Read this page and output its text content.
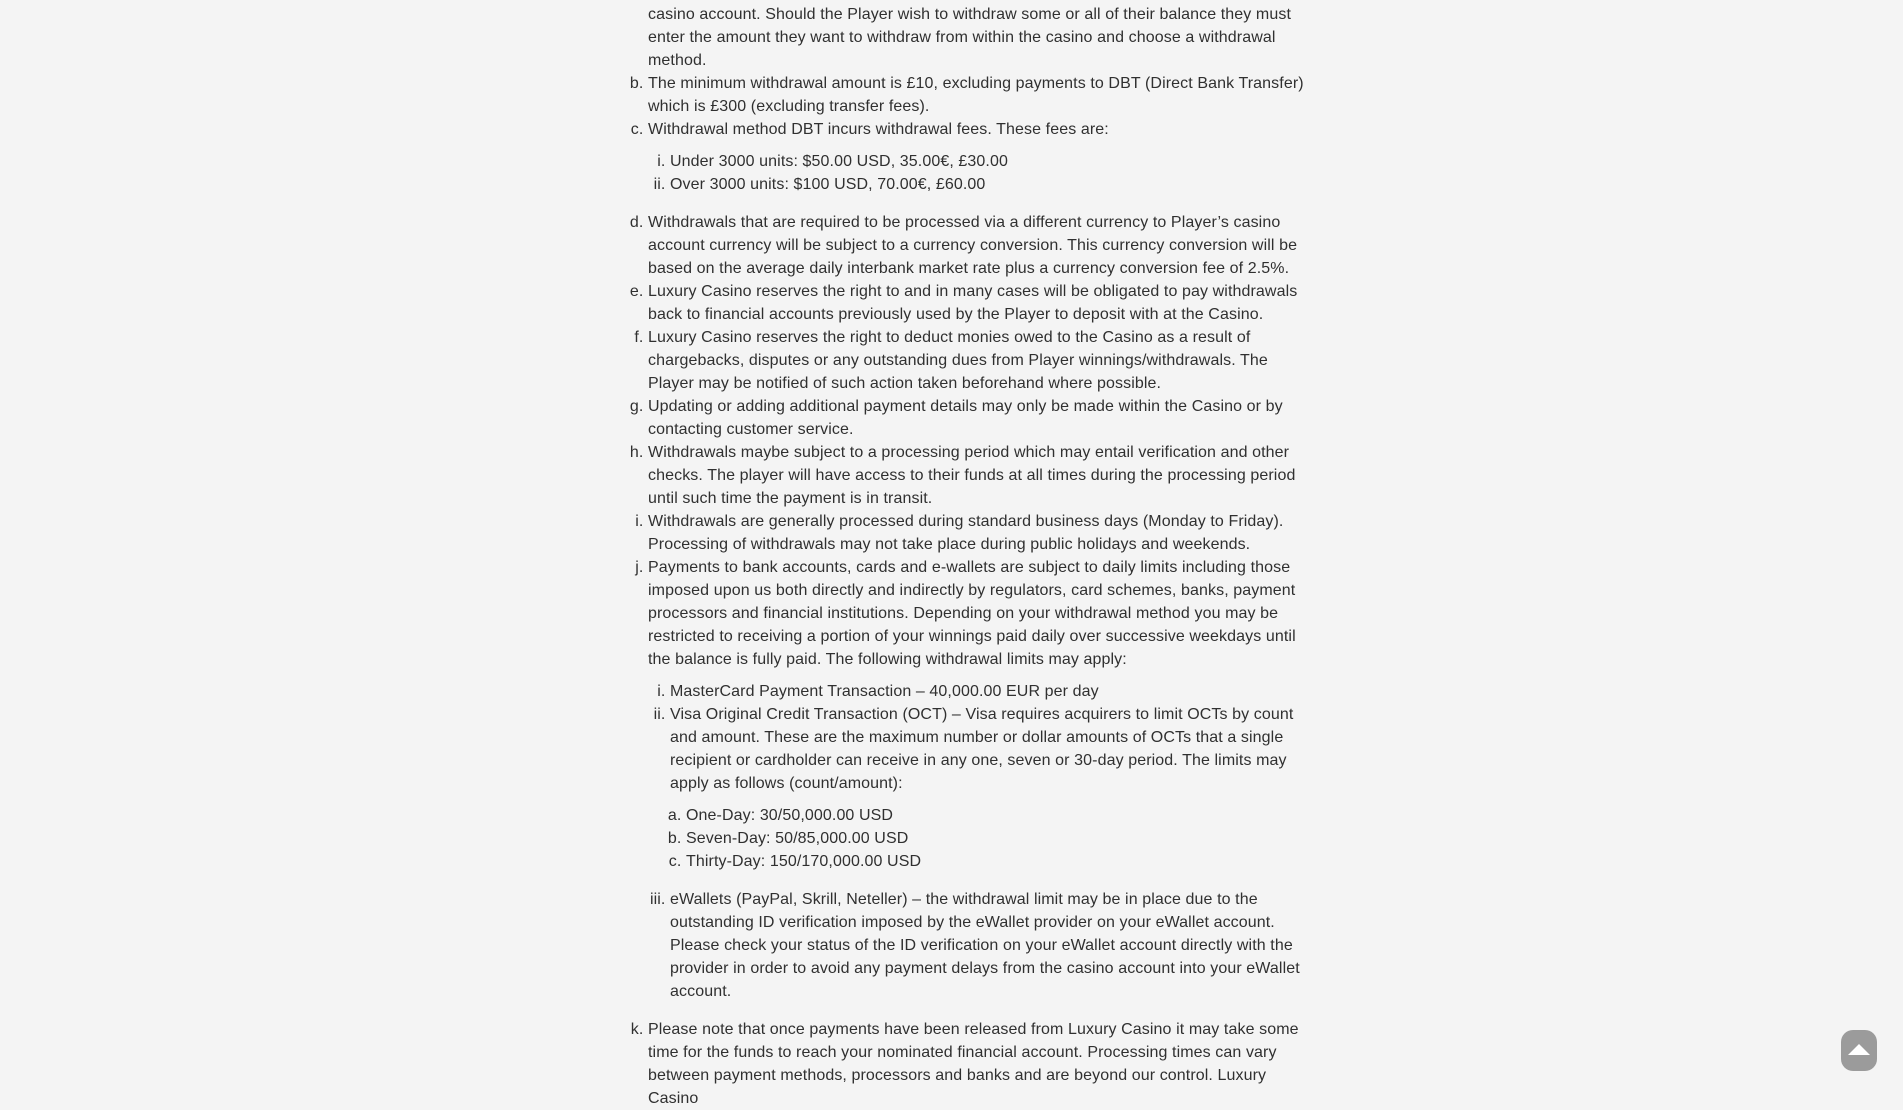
casino account. Should the Player wish to withdraw some or all of their balance they must enter the amount they want to withdraw from within the casino and choose a withdrawal method.
b. The minimum withdrawal amount is £10, excluding payments to DBT (Direct Bank Transfer) which is £300 (excluding transfer fees).
c. Withdrawal method DBT incurs withdrawal fees. These fees are:
i. Under 3000 units: $50.00 USD, 35.00€, £30.00
ii. Over 3000 units: $100 USD, 70.00€, £60.00
d. Withdrawals that are required to be processed via a different currency to Player’s casino account currency will be subject to a currency conversion. This currency conversion will be based on the average daily interbank market rate plus a currency conversion fee of 2.5%.
e. Luxury Casino reserves the right to and in many cases will be obligated to pay withdrawals back to financial accounts previously used by the Player to deposit with at the Casino.
f. Luxury Casino reserves the right to deduct monies owed to the Casino as a result of chargebacks, disputes or any outstanding dues from Player winnings/withdrawals. The Player may be notified of such action taken beforehand where possible.
g. Updating or adding additional payment details may only be made within the Casino or by contacting customer service.
h. Withdrawals maybe subject to a processing period which may entail verification and other checks. The player will have access to their funds at all times during the processing period until such time the payment is in transit.
i. Withdrawals are generally processed during standard business days (Monday to Friday). Processing of withdrawals may not take place during public holidays and weekends.
j. Payments to bank accounts, cards and e-wallets are subject to daily limits including those imposed upon us both directly and indirectly by regulators, card schemes, banks, payment processors and financial institutions. Depending on your withdrawal method you may be restricted to receiving a portion of your winnings paid daily over successive weekdays until the balance is fully paid. The following withdrawal limits may apply:
i. MasterCard Payment Transaction – 40,000.00 EUR per day
ii. Visa Original Credit Transaction (OCT) – Visa requires acquirers to limit OCTs by count and amount. These are the maximum number or dollar amounts of OCTs that a single recipient or cardholder can receive in any one, seven or 30-day period. The limits may apply as follows (count/amount):
a. One-Day: 30/50,000.00 USD
b. Seven-Day: 50/85,000.00 USD
c. Thirty-Day: 150/170,000.00 USD
iii. eWallets (PayPal, Skrill, Neteller) – the withdrawal limit may be in place due to the outstanding ID verification imposed by the eWallet provider on your eWallet account. Please check your status of the ID verification on your eWallet account directly with the provider in order to avoid any payment delays from the casino account into your eWallet account.
k. Please note that once payments have been released from Luxury Casino it may take some time for the funds to reach your nominated financial account. Processing times can vary between payment methods, processors and banks and are beyond our control. Luxury Casino
